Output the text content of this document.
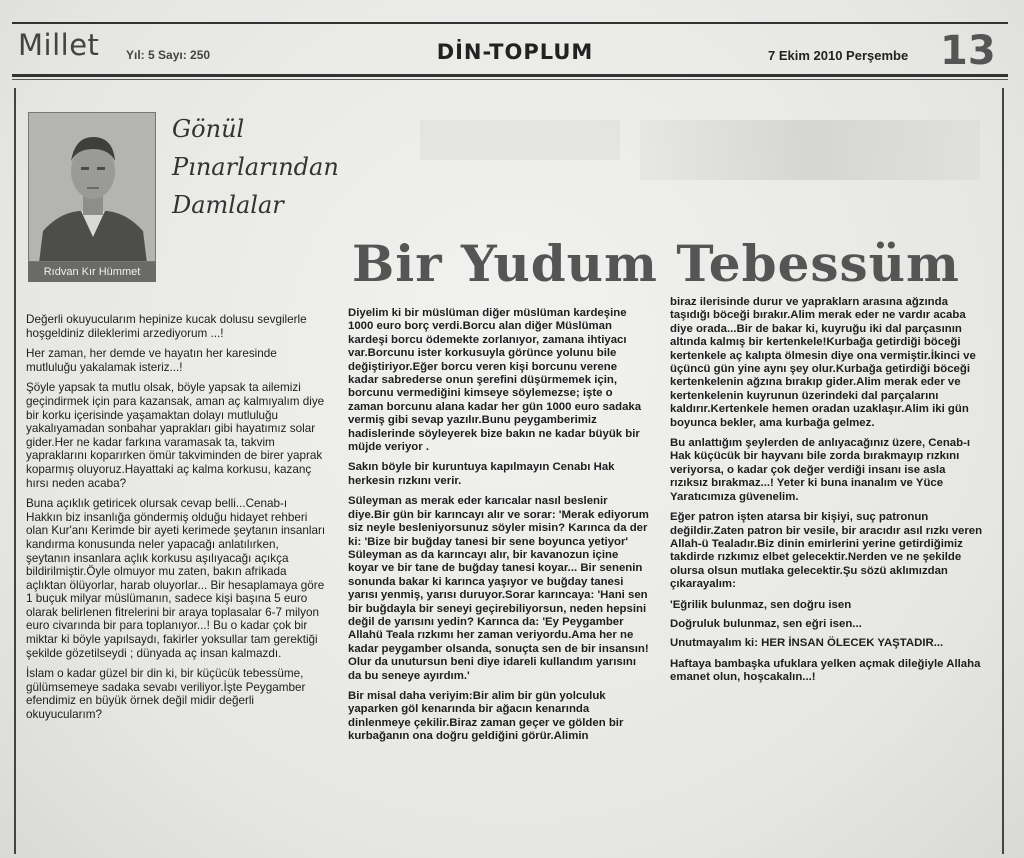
Millet Yıl: 5 Sayı: 250	DİN-TOPLUM	7 Ekim 2010 Perşembe 13
Rıdvan Kır Hümmet
Gönül
Pınarlarından
Damlalar
Bir Yudum Tebessüm

Değerli okuyucularım hepinize kucak dolusu sevgilerle hoşgeldiniz dileklerimi arzediyorum ...!

Her zaman, her demde ve hayatın her karesinde mutluluğu yakalamak isteriz...!

Şöyle yapsak ta mutlu olsak, böyle yapsak ta ailemizi geçindirmek için para kazansak, aman aç kalmıyalım diye bir korku içerisinde yaşamaktan dolayı mutluluğu yakalıyamadan sonbahar yaprakları gibi hayatımız solar gider.Her ne kadar farkına varamasak ta, takvim yapraklarını koparırken ömür takviminden de birer yaprak koparmış oluyoruz.Hayattaki aç kalma korkusu, kazanç hırsı neden acaba?

Buna açıklık getiricek olursak cevap belli...Cenab-ı Hakkın biz insanlığa göndermiş olduğu hidayet rehberi olan Kur'anı Kerimde bir ayeti kerimede şeytanın insanları kandırma konusunda neler yapacağı anlatılırken, şeytanın insanlara açlık korkusu aşılıyacağı açıkça bildirilmiştir.Öyle olmuyor mu zaten, bakın afrikada açlıktan ölüyorlar, harab oluyorlar... Bir hesaplamaya göre 1 buçuk milyar müslümanın, sadece kişi başına 5 euro olarak belirlenen fitrelerini bir araya toplasalar 6-7 milyon euro civarında bir para toplanıyor...! Bu o kadar çok bir miktar ki böyle yapılsaydı, fakirler yoksullar tam gerektiği şekilde gözetilseydi ; dünyada aç insan kalmazdı.

İslam o kadar güzel bir din ki, bir küçücük tebessüme, gülümsemeye sadaka sevabı veriliyor.İşte Peygamber efendimiz en büyük örnek değil midir değerli okuyucularım?

Diyelim ki bir müslüman diğer müslüman kardeşine 1000 euro borç verdi.Borcu alan diğer Müslüman kardeşi borcu ödemekte zorlanıyor, zamana ihtiyacı var.Borcunu ister korkusuyla görünce yolunu bile değiştiriyor.Eğer borcu veren kişi borcunu verene kadar sabrederse onun şerefini düşürmemek için, borcunu vermediğini kimseye söylemezse; işte o zaman borcunu alana kadar her gün 1000 euro sadaka vermiş gibi sevap yazılır.Bunu peygamberimiz hadislerinde söyleyerek bize bakın ne kadar büyük bir müjde veriyor .

Sakın böyle bir kuruntuya kapılmayın Cenabı Hak herkesin rızkını verir.

Süleyman as merak eder karıcalar nasıl beslenir diye.Bir gün bir karıncayı alır ve sorar: 'Merak ediyorum siz neyle besleniyorsunuz söyler misin? Karınca da der ki: 'Bize bir buğday tanesi bir sene boyunca yetiyor' Süleyman as da karıncayı alır, bir kavanozun içine koyar ve bir tane de buğday tanesi koyar... Bir senenin sonunda bakar ki karınca yaşıyor ve buğday tanesi yarısı yenmiş, yarısı duruyor.Sorar karıncaya: 'Hani sen bir buğdayla bir seneyi geçirebiliyorsun, neden hepsini değil de yarısını yedin? Karınca da: 'Ey Peygamber Allahü Teala rızkımı her zaman veriyordu.Ama her ne kadar peygamber olsanda, sonuçta sen de bir insansın! Olur da unutursun beni diye idareli kullandım yarısını da bu seneye ayırdım.'

Bir misal daha veriyim:Bir alim bir gün yolculuk yaparken göl kenarında bir ağacın kenarında dinlenmeye çekilir.Biraz zaman geçer ve gölden bir kurbağanın ona doğru geldiğini görür.Alimin

biraz ilerisinde durur ve yapraklarn arasına ağzında taşıdığı böceği bırakır.Alim merak eder ne vardır acaba diye orada...Bir de bakar ki, kuyruğu iki dal parçasının altında kalmış bir kertenkele!Kurbağa getirdiği böceği kertenkele aç kalıpta ölmesin diye ona vermiştir.İkinci ve üçüncü gün yine aynı şey olur.Kurbağa getirdiği böceği kertenkelenin ağzına bırakıp gider.Alim merak eder ve kertenkelenin kuyrunun üzerindeki dal parçalarını kaldırır.Kertenkele hemen oradan uzaklaşır.Alim iki gün boyunca bekler, ama kurbağa gelmez.

Bu anlattığım şeylerden de anlıyacağınız üzere, Cenab-ı Hak küçücük bir hayvanı bile zorda bırakmayıp rızkını veriyorsa, o kadar çok değer verdiği insanı ise asla rızıksız bırakmaz...! Yeter ki buna inanalım ve Yüce Yaratıcımıza güvenelim.

Eğer patron işten atarsa bir kişiyi, suç patronun değildir.Zaten patron bir vesile, bir aracıdır asıl rızkı veren Allah-ü Tealadır.Biz dinin emirlerini yerine getirdiğimiz takdirde rızkımız elbet gelecektir.Nerden ve ne şekilde olursa olsun mutlaka gelecektir.Şu sözü aklımızdan çıkarayalım:

'Eğrilik bulunmaz, sen doğru isen

Doğruluk bulunmaz, sen eğri isen...

Unutmayalım ki: HER İNSAN ÖLECEK YAŞTADIR...

Haftaya bambaşka ufuklara yelken açmak dileğiyle Allaha emanet olun, hoşcakalın...!
